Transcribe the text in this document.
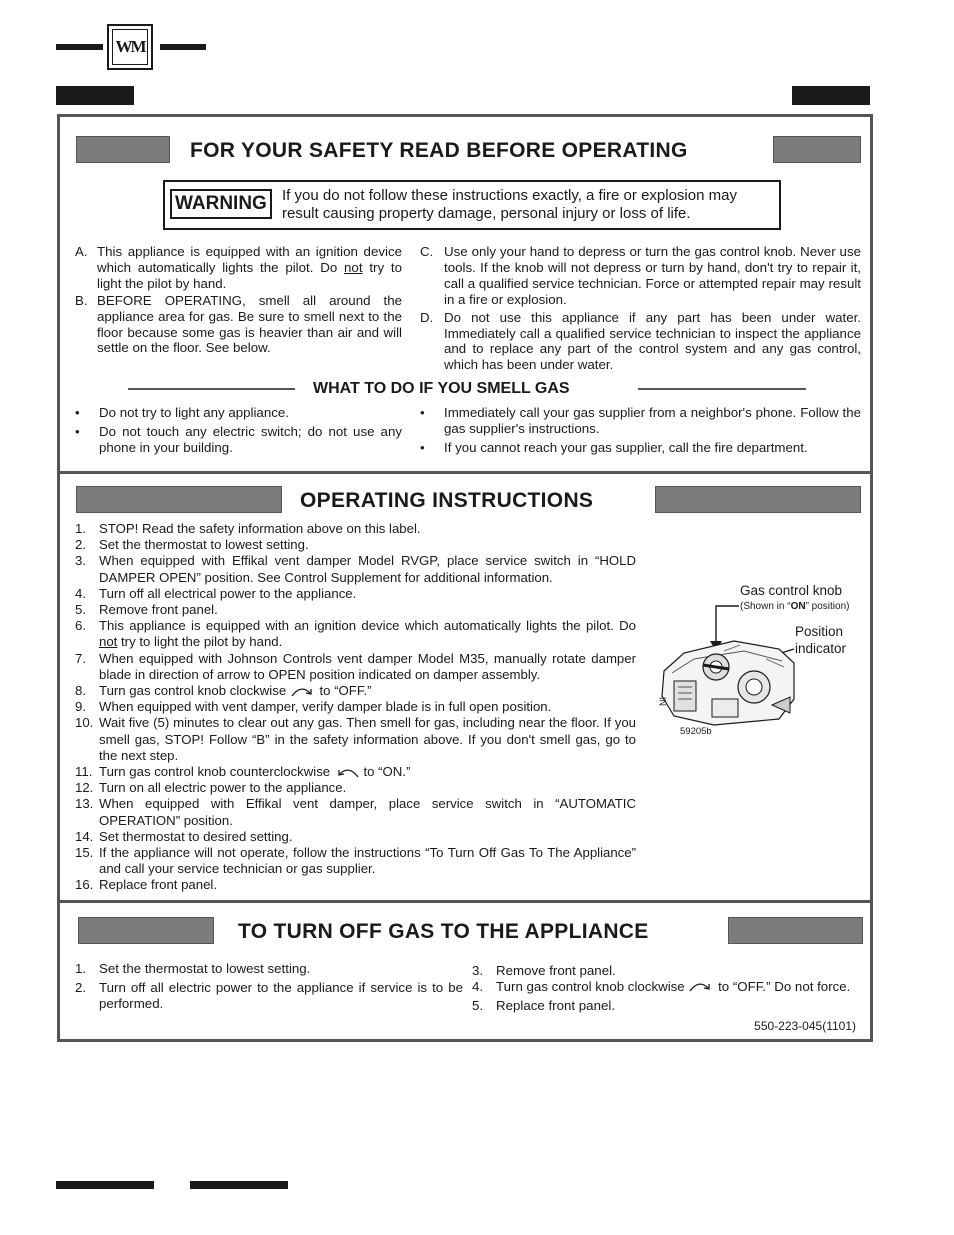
WM
FOR YOUR SAFETY READ BEFORE OPERATING
WARNING	If you do not follow these instructions exactly, a fire or explosion may result causing property damage, personal injury or loss of life.
A. This appliance is equipped with an ignition device which automatically lights the pilot. Do not try to light the pilot by hand.
B. BEFORE OPERATING, smell all around the appliance area for gas. Be sure to smell next to the floor because some gas is heavier than air and will settle on the floor. See below.
C. Use only your hand to depress or turn the gas control knob. Never use tools. If the knob will not depress or turn by hand, don't try to repair it, call a qualified service technician. Force or attempted repair may result in a fire or explosion.
D. Do not use this appliance if any part has been under water. Immediately call a qualified service technician to inspect the appliance and to replace any part of the control system and any gas control, which has been under water.
WHAT TO DO IF YOU SMELL GAS
• Do not try to light any appliance.
• Do not touch any electric switch; do not use any phone in your building.
• Immediately call your gas supplier from a neighbor's phone. Follow the gas supplier's instructions.
• If you cannot reach your gas supplier, call the fire department.
OPERATING INSTRUCTIONS
1. STOP! Read the safety information above on this label.
2. Set the thermostat to lowest setting.
3. When equipped with Effikal vent damper Model RVGP, place service switch in “HOLD DAMPER OPEN” position. See Control Supplement for additional information.
4. Turn off all electrical power to the appliance.
5. Remove front panel.
6. This appliance is equipped with an ignition device which automatically lights the pilot. Do not try to light the pilot by hand.
7. When equipped with Johnson Controls vent damper Model M35, manually rotate damper blade in direction of arrow to OPEN position indicated on damper assembly.
8. Turn gas control knob clockwise  to “OFF.”
9. When equipped with vent damper, verify damper blade is in full open position.
10. Wait five (5) minutes to clear out any gas. Then smell for gas, including near the floor. If you smell gas, STOP! Follow “B” in the safety information above. If you don't smell gas, go to the next step.
11. Turn gas control knob counterclockwise  to “ON.”
12. Turn on all electric power to the appliance.
13. When equipped with Effikal vent damper, place service switch in “AUTOMATIC OPERATION” position.
14. Set thermostat to desired setting.
15. If the appliance will not operate, follow the instructions “To Turn Off Gas To The Appliance” and call your service technician or gas supplier.
16. Replace front panel.
Gas control knob
(Shown in “ON” position)
Position
indicator
NI
59205b
TO TURN OFF GAS TO THE APPLIANCE
1. Set the thermostat to lowest setting.
2. Turn off all electric power to the appliance if service is to be performed.
3. Remove front panel.
4. Turn gas control knob clockwise  to “OFF.” Do not force.
5. Replace front panel.
550-223-045(1101)
